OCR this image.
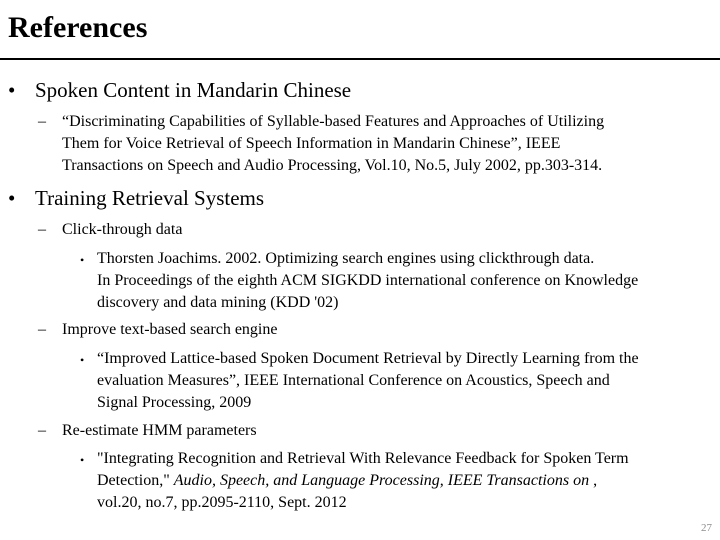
References
• Spoken Content in Mandarin Chinese
– “Discriminating Capabilities of Syllable-based Features and Approaches of Utilizing
Them for Voice Retrieval of Speech Information in Mandarin Chinese”, IEEE
Transactions on Speech and Audio Processing, Vol.10, No.5, July 2002, pp.303-314.
• Training Retrieval Systems
–	Click-through data
• Thorsten Joachims. 2002. Optimizing search engines using clickthrough data.
In Proceedings of the eighth ACM SIGKDD international conference on Knowledge
discovery and data mining (KDD '02)
–	Improve text-based search engine
• “Improved Lattice-based Spoken Document Retrieval by Directly Learning from the
evaluation Measures”, IEEE International Conference on Acoustics, Speech and
Signal Processing, 2009
–	Re-estimate HMM parameters
• "Integrating Recognition and Retrieval With Relevance Feedback for Spoken Term
Detection," Audio, Speech, and Language Processing, IEEE Transactions on ,
vol.20, no.7, pp.2095-2110, Sept. 2012
27
